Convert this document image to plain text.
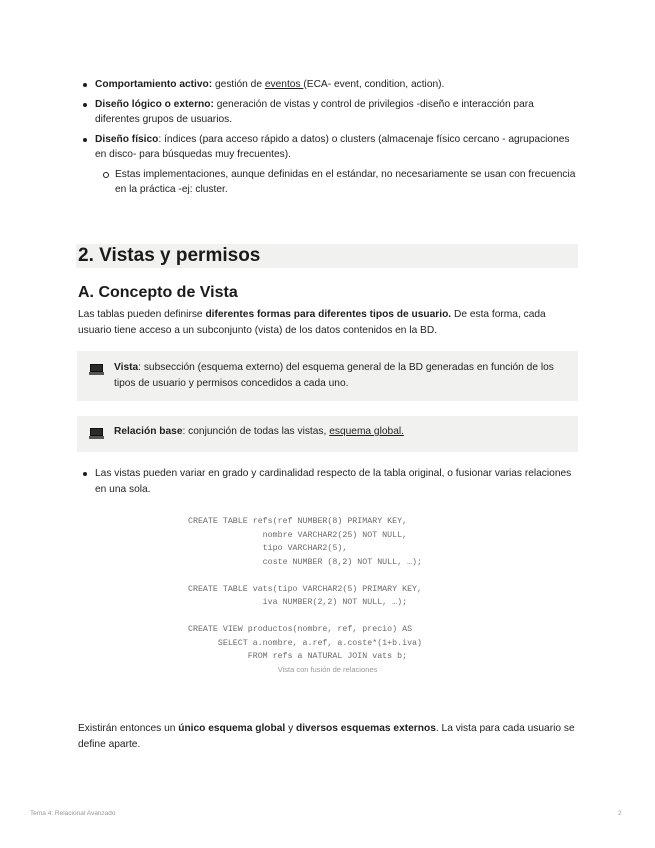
Comportamiento activo: gestión de eventos (ECA- event, condition, action).
Diseño lógico o externo: generación de vistas y control de privilegios -diseño e interacción para diferentes grupos de usuarios.
Diseño físico: índices (para acceso rápido a datos) o clusters (almacenaje físico cercano - agrupaciones en disco- para búsquedas muy frecuentes).
Estas implementaciones, aunque definidas en el estándar, no necesariamente se usan con frecuencia en la práctica -ej: cluster.
2. Vistas y permisos
A. Concepto de Vista
Las tablas pueden definirse diferentes formas para diferentes tipos de usuario. De esta forma, cada usuario tiene acceso a un subconjunto (vista) de los datos contenidos en la BD.
Vista: subsección (esquema externo) del esquema general de la BD generadas en función de los tipos de usuario y permisos concedidos a cada uno.
Relación base: conjunción de todas las vistas, esquema global.
Las vistas pueden variar en grado y cardinalidad respecto de la tabla original, o fusionar varias relaciones en una sola.
CREATE TABLE refs(ref NUMBER(8) PRIMARY KEY,
nombre VARCHAR2(25) NOT NULL,
tipo VARCHAR2(5),
coste NUMBER (8,2) NOT NULL, …);

CREATE TABLE vats(tipo VARCHAR2(5) PRIMARY KEY,
iva NUMBER(2,2) NOT NULL, …);

CREATE VIEW productos(nombre, ref, precio) AS
SELECT a.nombre, a.ref, a.coste*(1+b.iva)
FROM refs a NATURAL JOIN vats b;
Vista con fusión de relaciones
Existirán entonces un único esquema global y diversos esquemas externos. La vista para cada usuario se define aparte.
Tema 4: Relacional Avanzado	2
